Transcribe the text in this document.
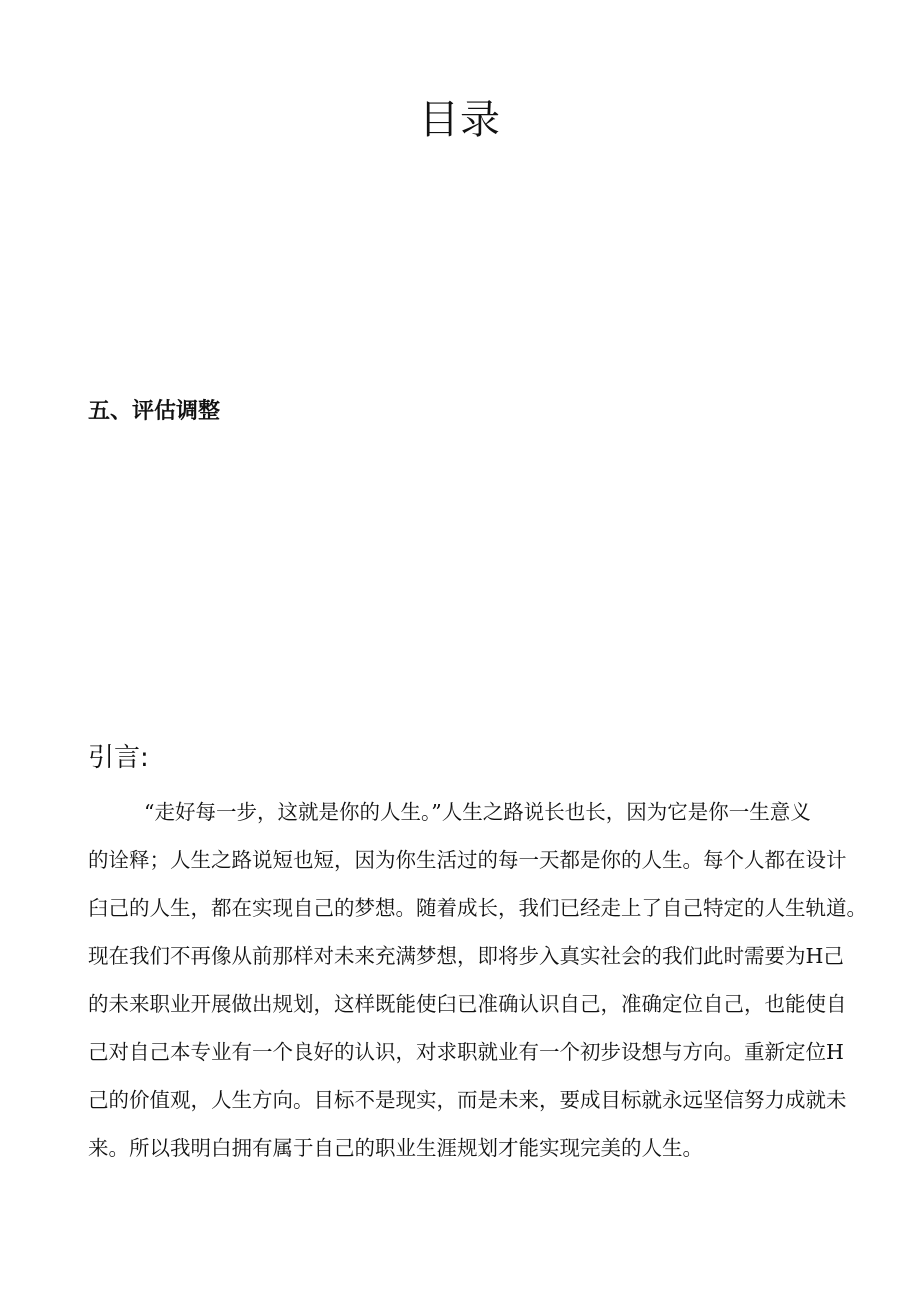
目录
五、评估调整
引言:
“走好每一步，这就是你的人生。”人生之路说长也长，因为它是你一生意义
的诠释；人生之路说短也短，因为你生活过的每一天都是你的人生。每个人都在设计
臼己的人生，都在实现自己的梦想。随着成长，我们已经走上了自己特定的人生轨道。
现在我们不再像从前那样对未来充满梦想，即将步入真实社会的我们此时需要为H己
的未来职业开展做出规划，这样既能使臼已准确认识自己，准确定位自己，也能使自
己对自己本专业有一个良好的认识，对求职就业有一个初步设想与方向。重新定位H
己的价值观，人生方向。目标不是现实，而是未来，要成目标就永远坚信努力成就未
来。所以我明白拥有属于自己的职业生涯规划才能实现完美的人生。
